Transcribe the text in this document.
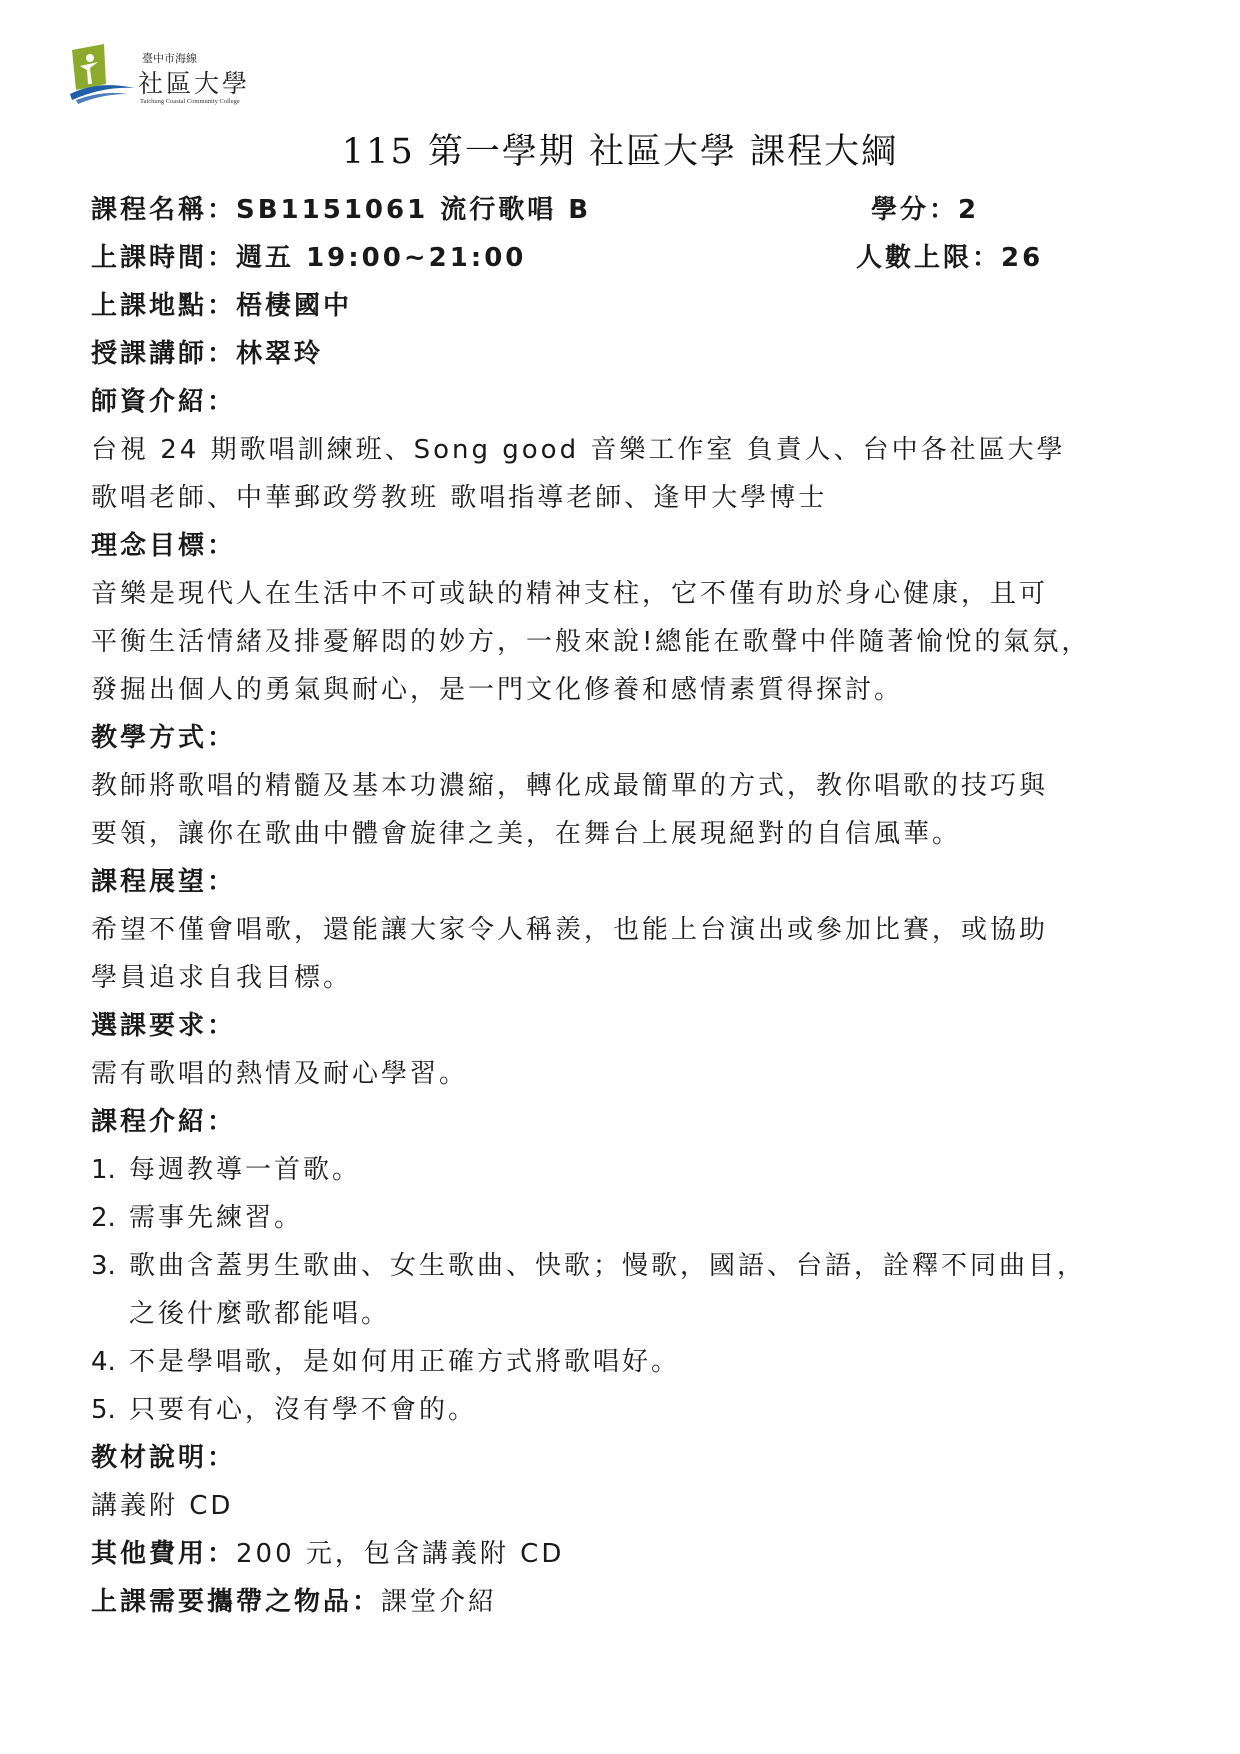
臺中市海線
社區大學
Taichung Coastal Community College
115 第一學期 社區大學 課程大綱
課程名稱：SB1151061 流行歌唱 B	學分：2
上課時間：週五 19:00~21:00	人數上限：26
上課地點：梧棲國中
授課講師：林翠玲
師資介紹：
台視 24 期歌唱訓練班、Song good 音樂工作室 負責人、台中各社區大學
歌唱老師、中華郵政勞教班 歌唱指導老師、逢甲大學博士
理念目標：
音樂是現代人在生活中不可或缺的精神支柱，它不僅有助於身心健康，且可
平衡生活情緒及排憂解悶的妙方，一般來說!總能在歌聲中伴隨著愉悅的氣氛，
發掘出個人的勇氣與耐心，是一門文化修養和感情素質得探討。
教學方式：
教師將歌唱的精髓及基本功濃縮，轉化成最簡單的方式，教你唱歌的技巧與
要領，讓你在歌曲中體會旋律之美，在舞台上展現絕對的自信風華。
課程展望：
希望不僅會唱歌，還能讓大家令人稱羨，也能上台演出或參加比賽，或協助
學員追求自我目標。
選課要求：
需有歌唱的熱情及耐心學習。
課程介紹：
1. 每週教導一首歌。
2. 需事先練習。
3. 歌曲含蓋男生歌曲、女生歌曲、快歌；慢歌，國語、台語，詮釋不同曲目，
之後什麼歌都能唱。
4. 不是學唱歌，是如何用正確方式將歌唱好。
5. 只要有心，沒有學不會的。
教材說明：
講義附 CD
其他費用：200 元，包含講義附 CD
上課需要攜帶之物品：課堂介紹
